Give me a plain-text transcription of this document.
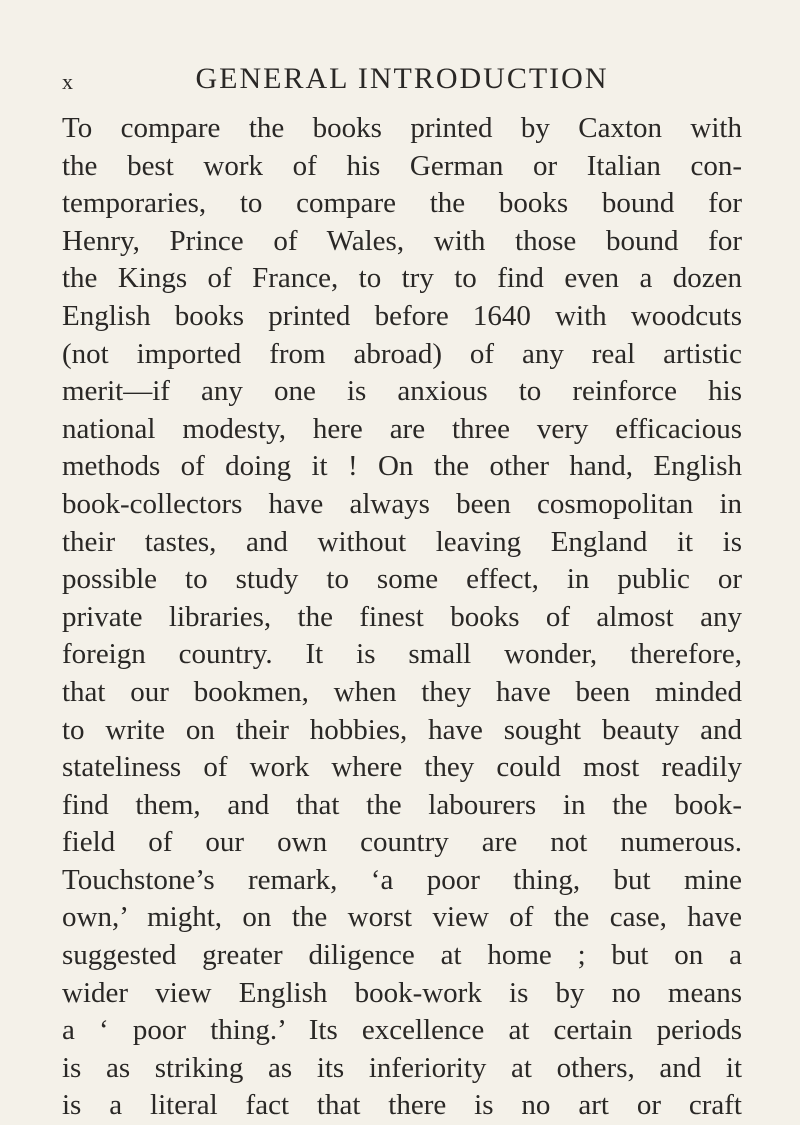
x	GENERAL INTRODUCTION
To compare the books printed by Caxton with
the best work of his German or Italian con-
temporaries, to compare the books bound for
Henry, Prince of Wales, with those bound for
the Kings of France, to try to find even a dozen
English books printed before 1640 with woodcuts
(not imported from abroad) of any real artistic
merit—if any one is anxious to reinforce his
national modesty, here are three very efficacious
methods of doing it ! On the other hand, English
book-collectors have always been cosmopolitan in
their tastes, and without leaving England it is
possible to study to some effect, in public or
private libraries, the finest books of almost any
foreign country. It is small wonder, therefore,
that our bookmen, when they have been minded
to write on their hobbies, have sought beauty and
stateliness of work where they could most readily
find them, and that the labourers in the book-
field of our own country are not numerous.
Touchstone’s remark, ‘a poor thing, but mine
own,’ might, on the worst view of the case, have
suggested greater diligence at home ; but on a
wider view English book-work is by no means
a ‘ poor thing.’ Its excellence at certain periods
is as striking as its inferiority at others, and it
is a literal fact that there is no art or craft
